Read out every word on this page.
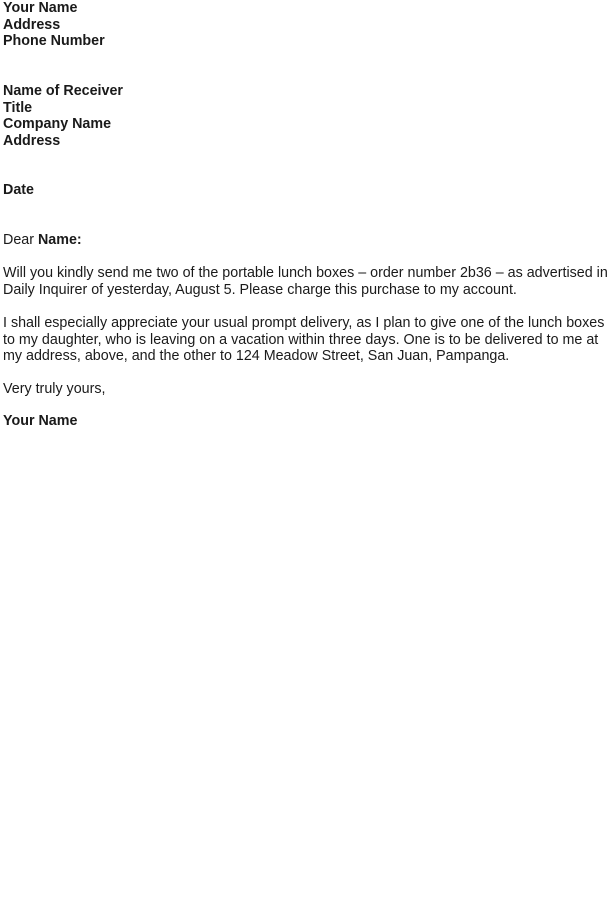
Your Name
Address
Phone Number
Name of Receiver
Title
Company Name
Address
Date
Dear Name:
Will you kindly send me two of the portable lunch boxes – order number 2b36 – as advertised in
Daily Inquirer of yesterday, August 5. Please charge this purchase to my account.
I shall especially appreciate your usual prompt delivery, as I plan to give one of the lunch boxes
to my daughter, who is leaving on a vacation within three days. One is to be delivered to me at
my address, above, and the other to 124 Meadow Street, San Juan, Pampanga.
Very truly yours,
Your Name
